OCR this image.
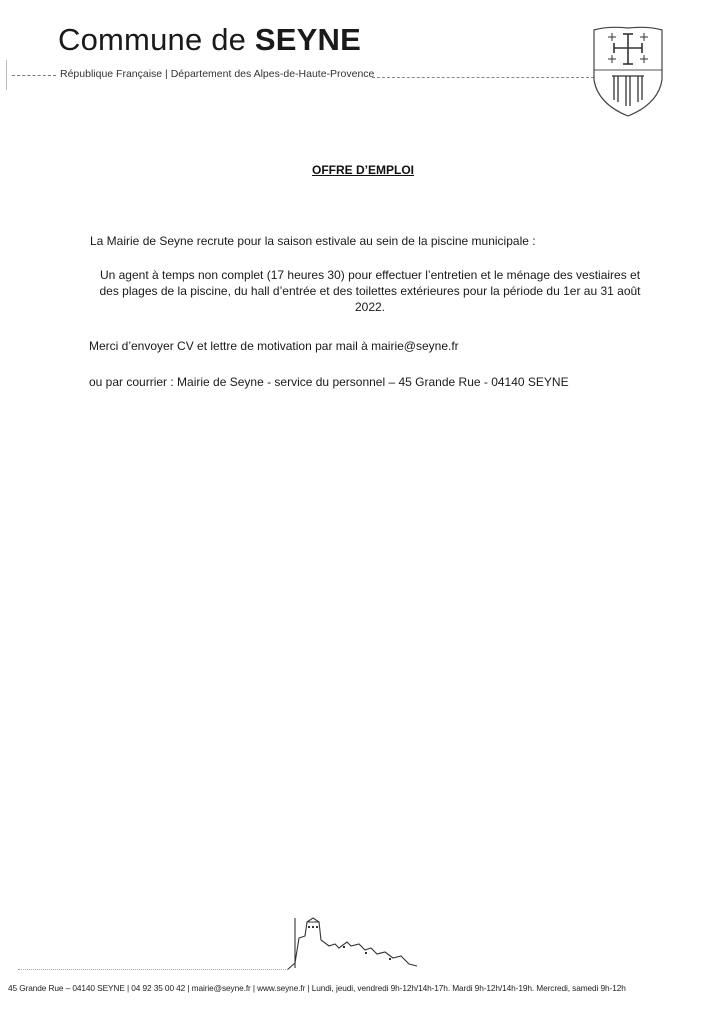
Commune de SEYNE
République Française | Département des Alpes-de-Haute-Provence
OFFRE D’EMPLOI
La Mairie de Seyne recrute pour la saison estivale au sein de la piscine municipale :
Un agent à temps non complet (17 heures 30) pour effectuer l’entretien et le ménage des vestiaires et des plages de la piscine, du hall d’entrée et des toilettes extérieures pour la période du 1er au 31 août 2022.
Merci d’envoyer CV et lettre de motivation par mail à mairie@seyne.fr
ou par courrier : Mairie de Seyne - service du personnel – 45 Grande Rue - 04140 SEYNE
45 Grande Rue – 04140 SEYNE | 04 92 35 00 42 | mairie@seyne.fr | www.seyne.fr | Lundi, jeudi, vendredi 9h-12h/14h-17h. Mardi 9h-12h/14h-19h. Mercredi, samedi 9h-12h
